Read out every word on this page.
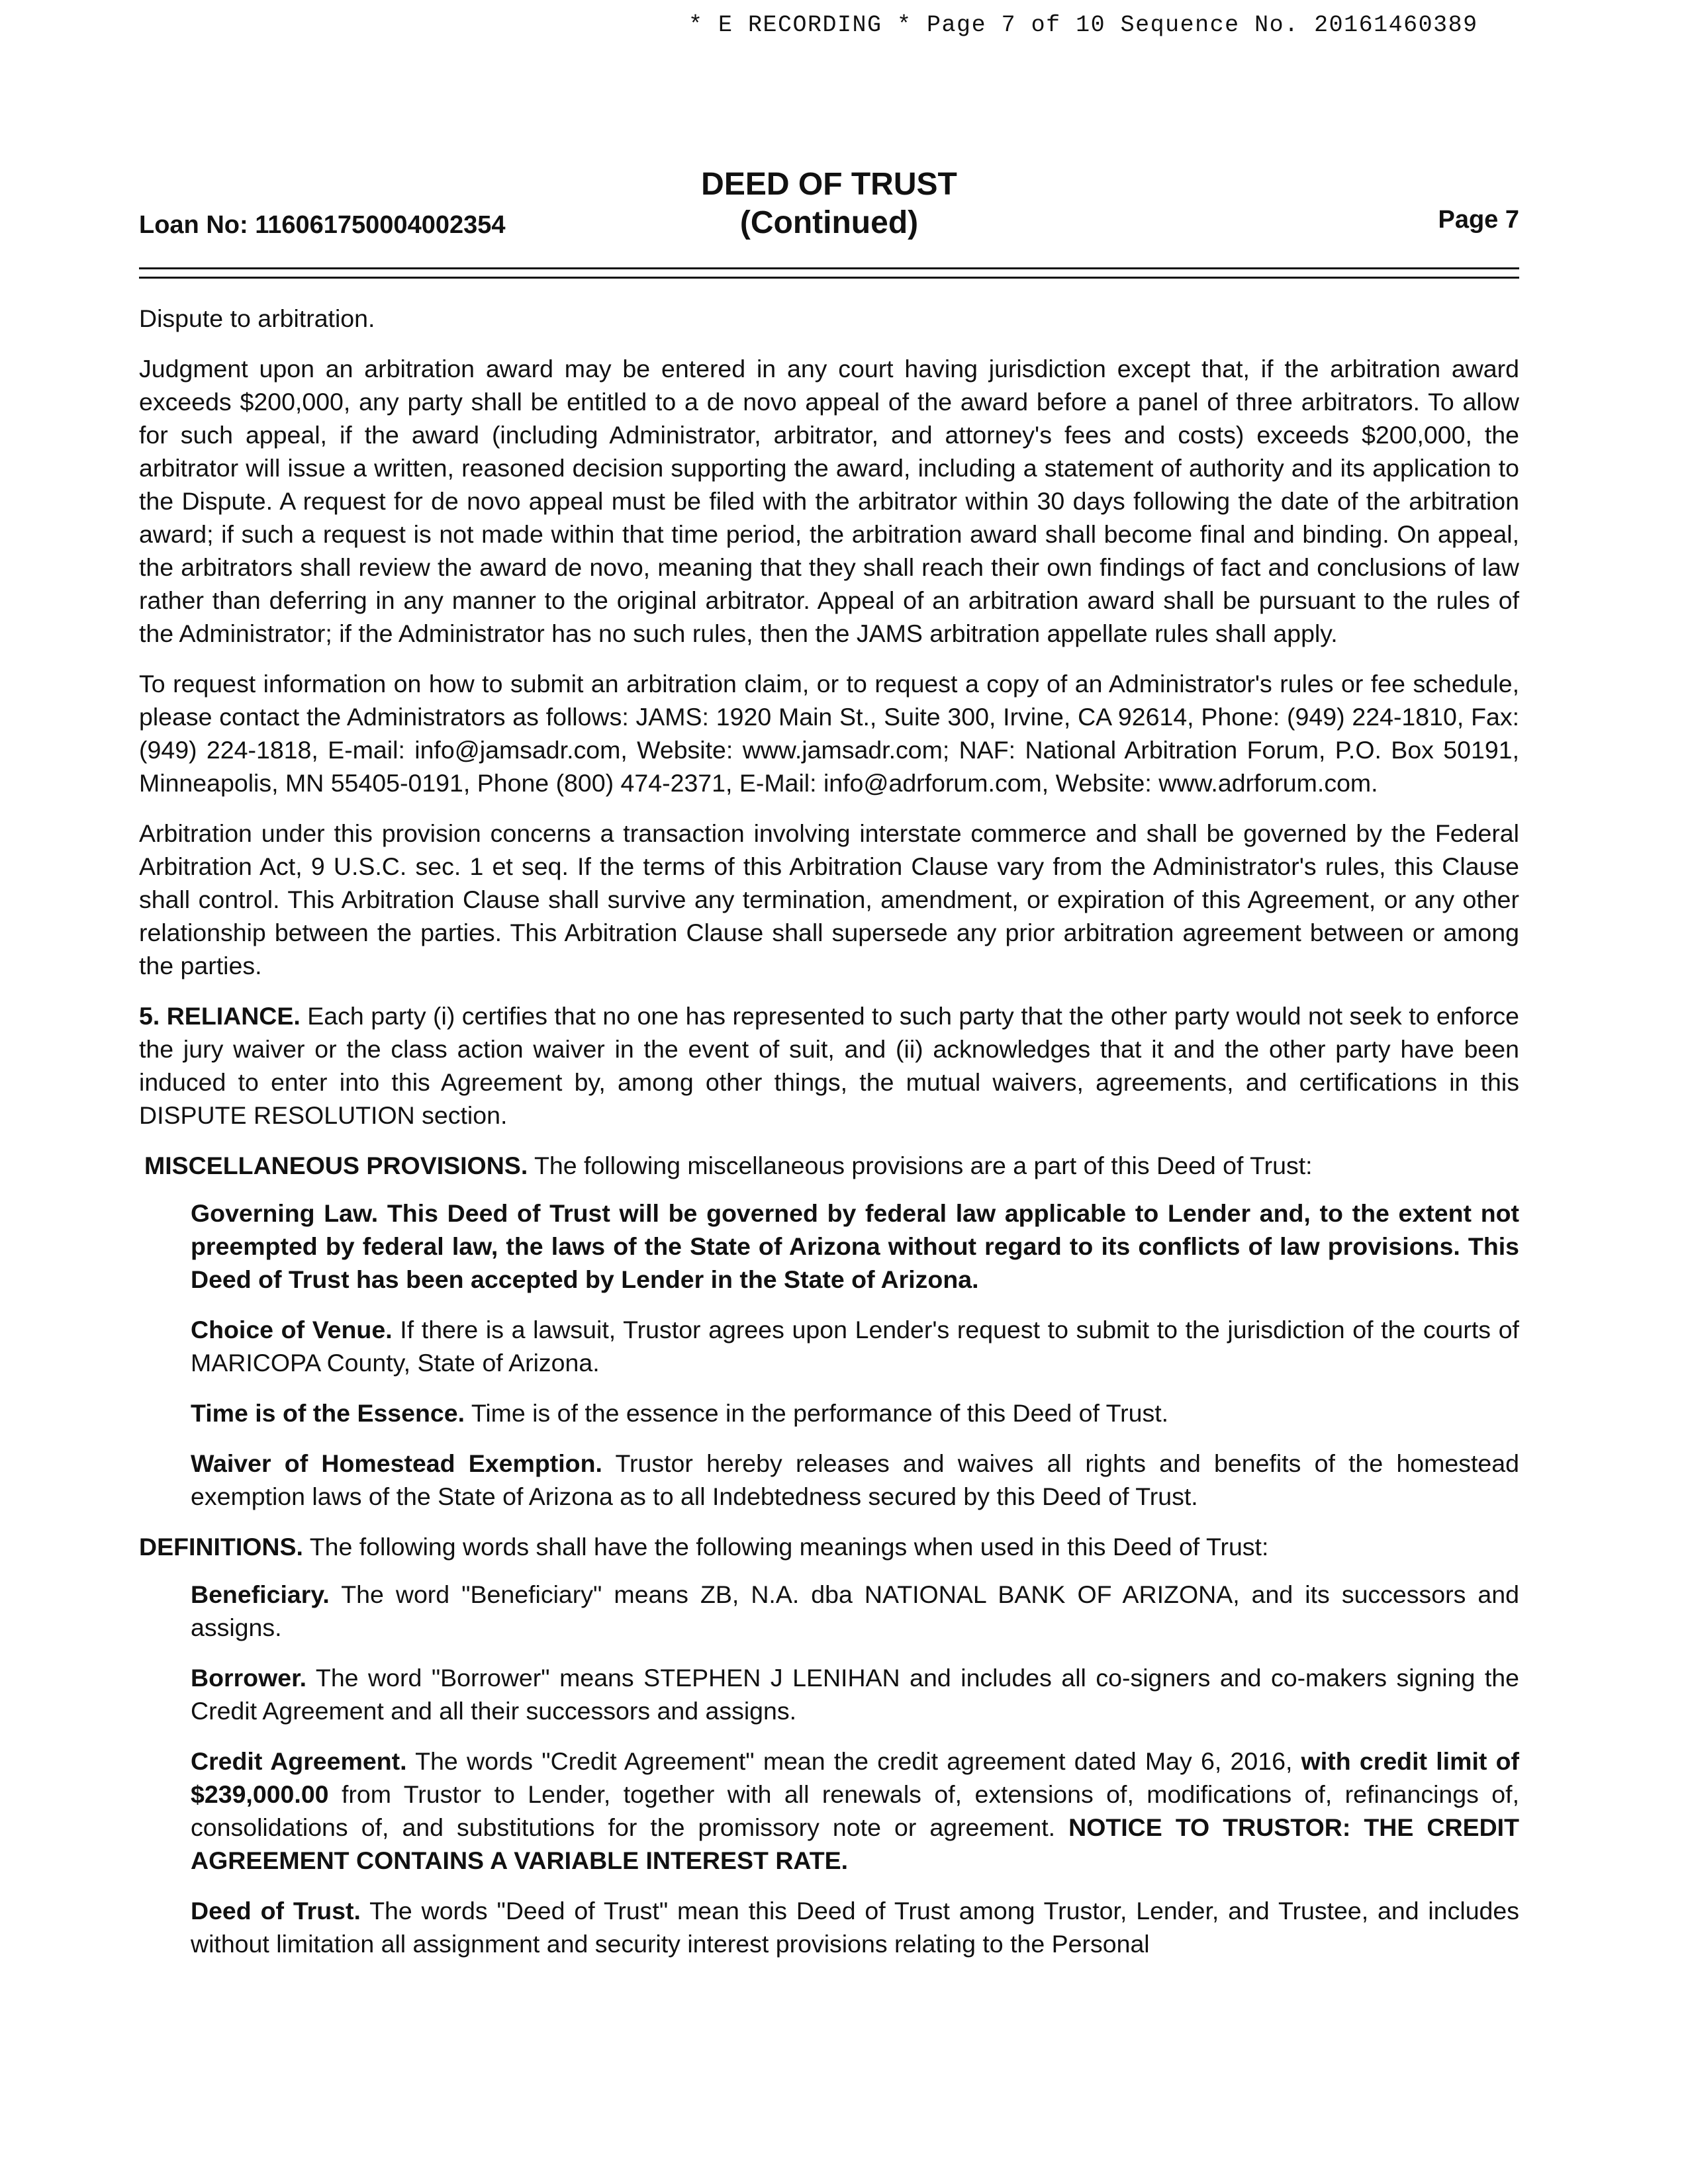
* E RECORDING * Page 7 of 10 Sequence No. 20161460389
Loan No: 116061750004002354
DEED OF TRUST
(Continued)	Page 7

Dispute to arbitration.

Judgment upon an arbitration award may be entered in any court having jurisdiction except that, if the arbitration award exceeds $200,000, any party shall be entitled to a de novo appeal of the award before a panel of three arbitrators. To allow for such appeal, if the award (including Administrator, arbitrator, and attorney's fees and costs) exceeds $200,000, the arbitrator will issue a written, reasoned decision supporting the award, including a statement of authority and its application to the Dispute. A request for de novo appeal must be filed with the arbitrator within 30 days following the date of the arbitration award; if such a request is not made within that time period, the arbitration award shall become final and binding. On appeal, the arbitrators shall review the award de novo, meaning that they shall reach their own findings of fact and conclusions of law rather than deferring in any manner to the original arbitrator. Appeal of an arbitration award shall be pursuant to the rules of the Administrator; if the Administrator has no such rules, then the JAMS arbitration appellate rules shall apply.

To request information on how to submit an arbitration claim, or to request a copy of an Administrator's rules or fee schedule, please contact the Administrators as follows: JAMS: 1920 Main St., Suite 300, Irvine, CA 92614, Phone: (949) 224-1810, Fax: (949) 224-1818, E-mail: info@jamsadr.com, Website: www.jamsadr.com; NAF: National Arbitration Forum, P.O. Box 50191, Minneapolis, MN 55405-0191, Phone (800) 474-2371, E-Mail: info@adrforum.com, Website: www.adrforum.com.

Arbitration under this provision concerns a transaction involving interstate commerce and shall be governed by the Federal Arbitration Act, 9 U.S.C. sec. 1 et seq. If the terms of this Arbitration Clause vary from the Administrator's rules, this Clause shall control. This Arbitration Clause shall survive any termination, amendment, or expiration of this Agreement, or any other relationship between the parties. This Arbitration Clause shall supersede any prior arbitration agreement between or among the parties.

5. RELIANCE. Each party (i) certifies that no one has represented to such party that the other party would not seek to enforce the jury waiver or the class action waiver in the event of suit, and (ii) acknowledges that it and the other party have been induced to enter into this Agreement by, among other things, the mutual waivers, agreements, and certifications in this DISPUTE RESOLUTION section.

MISCELLANEOUS PROVISIONS. The following miscellaneous provisions are a part of this Deed of Trust:

Governing Law. This Deed of Trust will be governed by federal law applicable to Lender and, to the extent not preempted by federal law, the laws of the State of Arizona without regard to its conflicts of law provisions. This Deed of Trust has been accepted by Lender in the State of Arizona.

Choice of Venue. If there is a lawsuit, Trustor agrees upon Lender's request to submit to the jurisdiction of the courts of MARICOPA County, State of Arizona.

Time is of the Essence. Time is of the essence in the performance of this Deed of Trust.

Waiver of Homestead Exemption. Trustor hereby releases and waives all rights and benefits of the homestead exemption laws of the State of Arizona as to all Indebtedness secured by this Deed of Trust.

DEFINITIONS. The following words shall have the following meanings when used in this Deed of Trust:

Beneficiary. The word "Beneficiary" means ZB, N.A. dba NATIONAL BANK OF ARIZONA, and its successors and assigns.

Borrower. The word "Borrower" means STEPHEN J LENIHAN and includes all co-signers and co-makers signing the Credit Agreement and all their successors and assigns.

Credit Agreement. The words "Credit Agreement" mean the credit agreement dated May 6, 2016, with credit limit of $239,000.00 from Trustor to Lender, together with all renewals of, extensions of, modifications of, refinancings of, consolidations of, and substitutions for the promissory note or agreement. NOTICE TO TRUSTOR: THE CREDIT AGREEMENT CONTAINS A VARIABLE INTEREST RATE.

Deed of Trust. The words "Deed of Trust" mean this Deed of Trust among Trustor, Lender, and Trustee, and includes without limitation all assignment and security interest provisions relating to the Personal
